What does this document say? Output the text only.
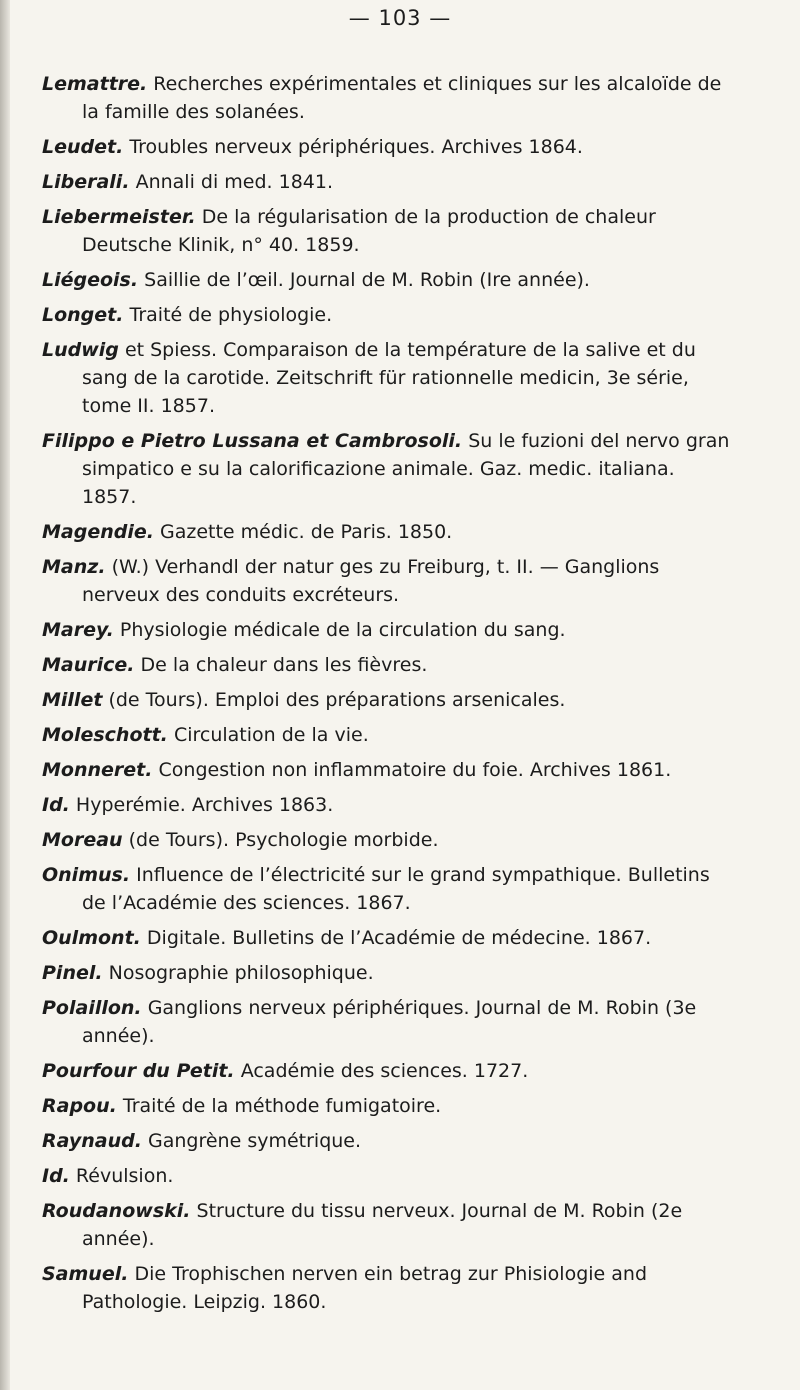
— 103 —
Lemattre. Recherches expérimentales et cliniques sur les alcaloïde de la famille des solanées.
Leudet. Troubles nerveux périphériques. Archives 1864.
Liberali. Annali di med. 1841.
Liebermeister. De la régularisation de la production de chaleur Deutsche Klinik, n° 40. 1859.
Liégeois. Saillie de l’œil. Journal de M. Robin (Ire année).
Longet. Traité de physiologie.
Ludwig et Spiess. Comparaison de la température de la salive et du sang de la carotide. Zeitschrift für rationnelle medicin, 3e série, tome II. 1857.
Filippo e Pietro Lussana et Cambrosoli. Su le fuzioni del nervo gran simpatico e su la calorificazione animale. Gaz. medic. italiana. 1857.
Magendie. Gazette médic. de Paris. 1850.
Manz. (W.) Verhandl der natur ges zu Freiburg, t. II. — Ganglions nerveux des conduits excréteurs.
Marey. Physiologie médicale de la circulation du sang.
Maurice. De la chaleur dans les fièvres.
Millet (de Tours). Emploi des préparations arsenicales.
Moleschott. Circulation de la vie.
Monneret. Congestion non inflammatoire du foie. Archives 1861.
Id. Hyperémie. Archives 1863.
Moreau (de Tours). Psychologie morbide.
Onimus. Influence de l’électricité sur le grand sympathique. Bulletins de l’Académie des sciences. 1867.
Oulmont. Digitale. Bulletins de l’Académie de médecine. 1867.
Pinel. Nosographie philosophique.
Polaillon. Ganglions nerveux périphériques. Journal de M. Robin (3e année).
Pourfour du Petit. Académie des sciences. 1727.
Rapou. Traité de la méthode fumigatoire.
Raynaud. Gangrène symétrique.
Id. Révulsion.
Roudanowski. Structure du tissu nerveux. Journal de M. Robin (2e année).
Samuel. Die Trophischen nerven ein betrag zur Phisiologie and Pathologie. Leipzig. 1860.
